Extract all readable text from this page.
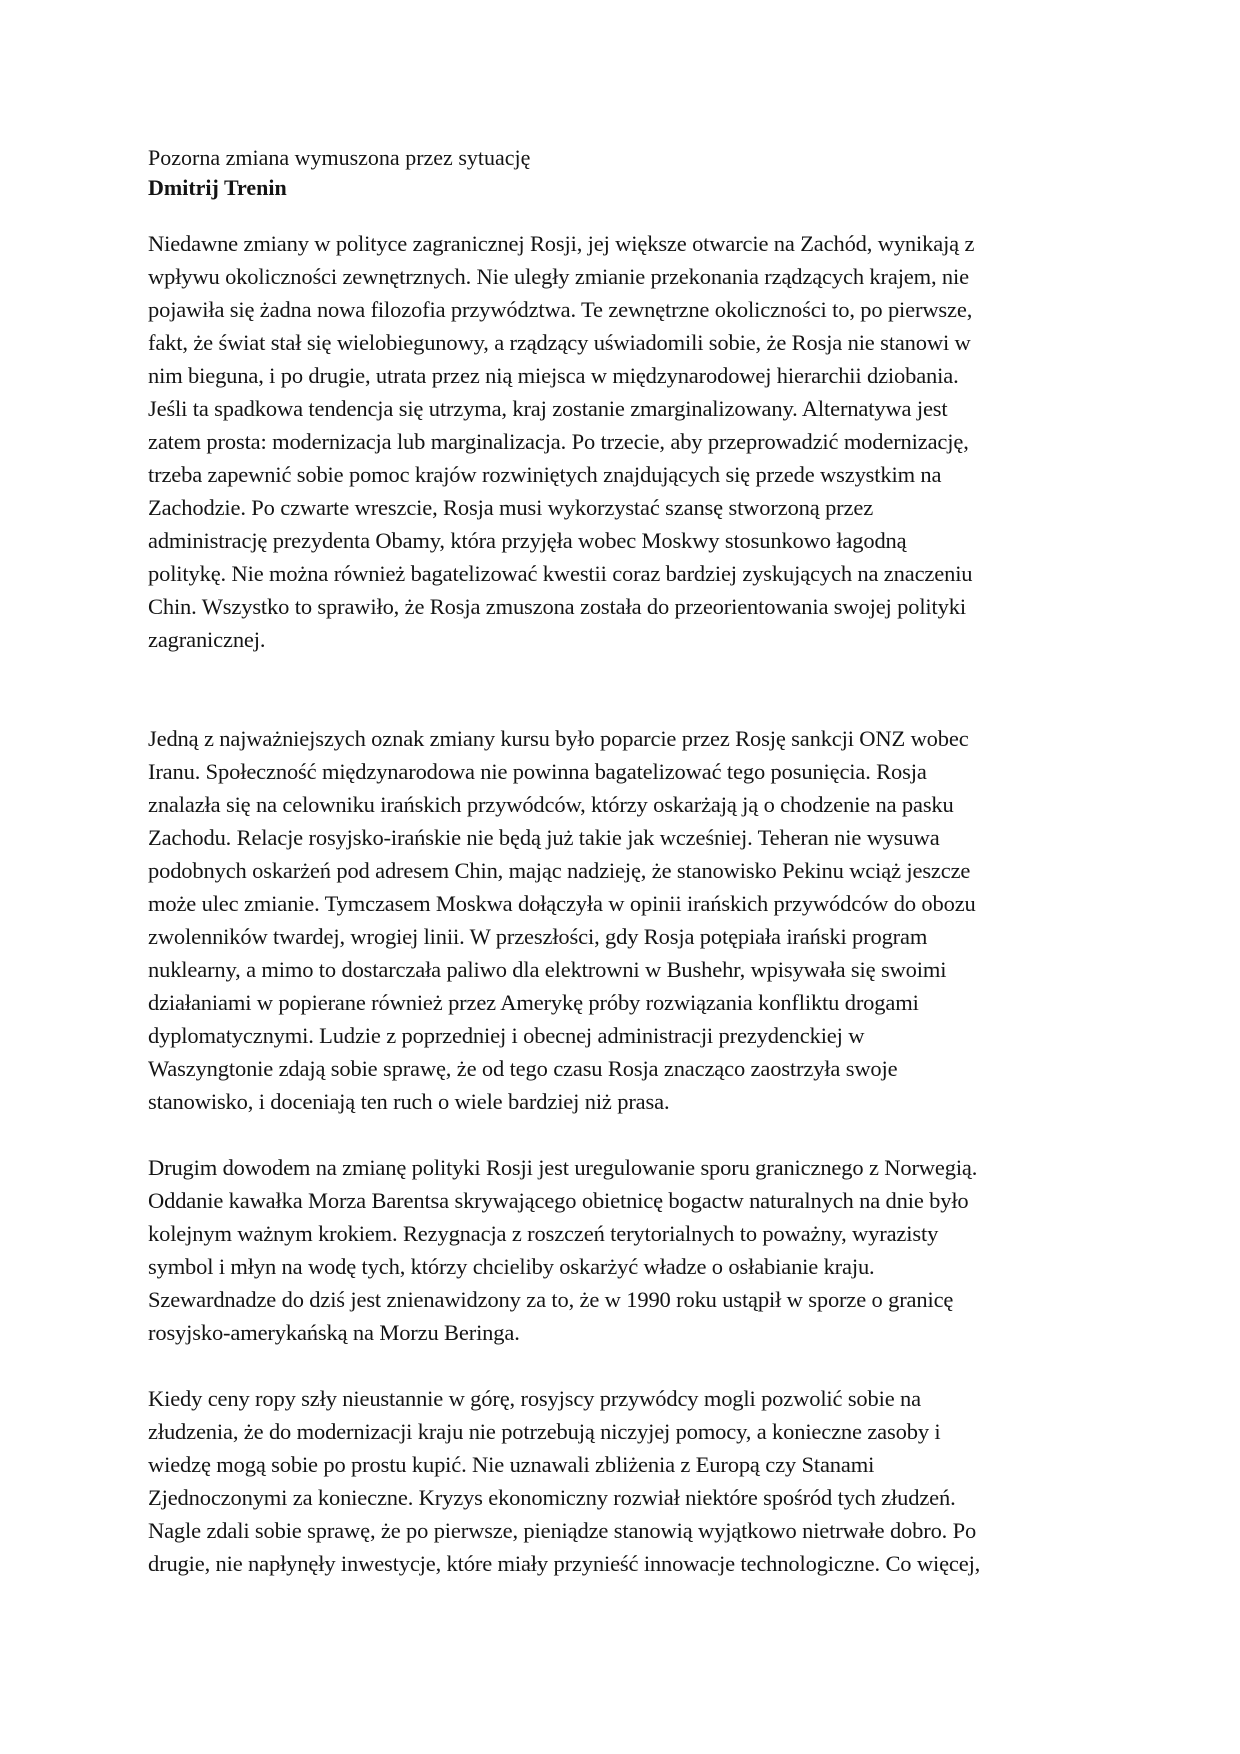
Pozorna zmiana wymuszona przez sytuację
Dmitrij Trenin

Niedawne zmiany w polityce zagranicznej Rosji, jej większe otwarcie na Zachód, wynikają z
wpływu okoliczności zewnętrznych. Nie uległy zmianie przekonania rządzących krajem, nie
pojawiła się żadna nowa filozofia przywództwa. Te zewnętrzne okoliczności to, po pierwsze,
fakt, że świat stał się wielobiegunowy, a rządzący uświadomili sobie, że Rosja nie stanowi w
nim bieguna, i po drugie, utrata przez nią miejsca w międzynarodowej hierarchii dziobania.
Jeśli ta spadkowa tendencja się utrzyma, kraj zostanie zmarginalizowany. Alternatywa jest
zatem prosta: modernizacja lub marginalizacja. Po trzecie, aby przeprowadzić modernizację,
trzeba zapewnić sobie pomoc krajów rozwiniętych znajdujących się przede wszystkim na
Zachodzie. Po czwarte wreszcie, Rosja musi wykorzystać szansę stworzoną przez
administrację prezydenta Obamy, która przyjęła wobec Moskwy stosunkowo łagodną
politykę. Nie można również bagatelizować kwestii coraz bardziej zyskujących na znaczeniu
Chin. Wszystko to sprawiło, że Rosja zmuszona została do przeorientowania swojej polityki
zagranicznej.

Jedną z najważniejszych oznak zmiany kursu było poparcie przez Rosję sankcji ONZ wobec
Iranu. Społeczność międzynarodowa nie powinna bagatelizować tego posunięcia. Rosja
znalazła się na celowniku irańskich przywódców, którzy oskarżają ją o chodzenie na pasku
Zachodu. Relacje rosyjsko-irańskie nie będą już takie jak wcześniej. Teheran nie wysuwa
podobnych oskarżeń pod adresem Chin, mając nadzieję, że stanowisko Pekinu wciąż jeszcze
może ulec zmianie. Tymczasem Moskwa dołączyła w opinii irańskich przywódców do obozu
zwolenników twardej, wrogiej linii. W przeszłości, gdy Rosja potępiała irański program
nuklearny, a mimo to dostarczała paliwo dla elektrowni w Bushehr, wpisywała się swoimi
działaniami w popierane również przez Amerykę próby rozwiązania konfliktu drogami
dyplomatycznymi. Ludzie z poprzedniej i obecnej administracji prezydenckiej w
Waszyngtonie zdają sobie sprawę, że od tego czasu Rosja znacząco zaostrzyła swoje
stanowisko, i doceniają ten ruch o wiele bardziej niż prasa.

Drugim dowodem na zmianę polityki Rosji jest uregulowanie sporu granicznego z Norwegią.
Oddanie kawałka Morza Barentsa skrywającego obietnicę bogactw naturalnych na dnie było
kolejnym ważnym krokiem. Rezygnacja z roszczeń terytorialnych to poważny, wyrazisty
symbol i młyn na wodę tych, którzy chcieliby oskarżyć władze o osłabianie kraju.
Szewardnadze do dziś jest znienawidzony za to, że w 1990 roku ustąpił w sporze o granicę
rosyjsko-amerykańską na Morzu Beringa.

Kiedy ceny ropy szły nieustannie w górę, rosyjscy przywódcy mogli pozwolić sobie na
złudzenia, że do modernizacji kraju nie potrzebują niczyjej pomocy, a konieczne zasoby i
wiedzę mogą sobie po prostu kupić. Nie uznawali zbliżenia z Europą czy Stanami
Zjednoczonymi za konieczne. Kryzys ekonomiczny rozwiał niektóre spośród tych złudzeń.
Nagle zdali sobie sprawę, że po pierwsze, pieniądze stanowią wyjątkowo nietrwałe dobro. Po
drugie, nie napłynęły inwestycje, które miały przynieść innowacje technologiczne. Co więcej,
